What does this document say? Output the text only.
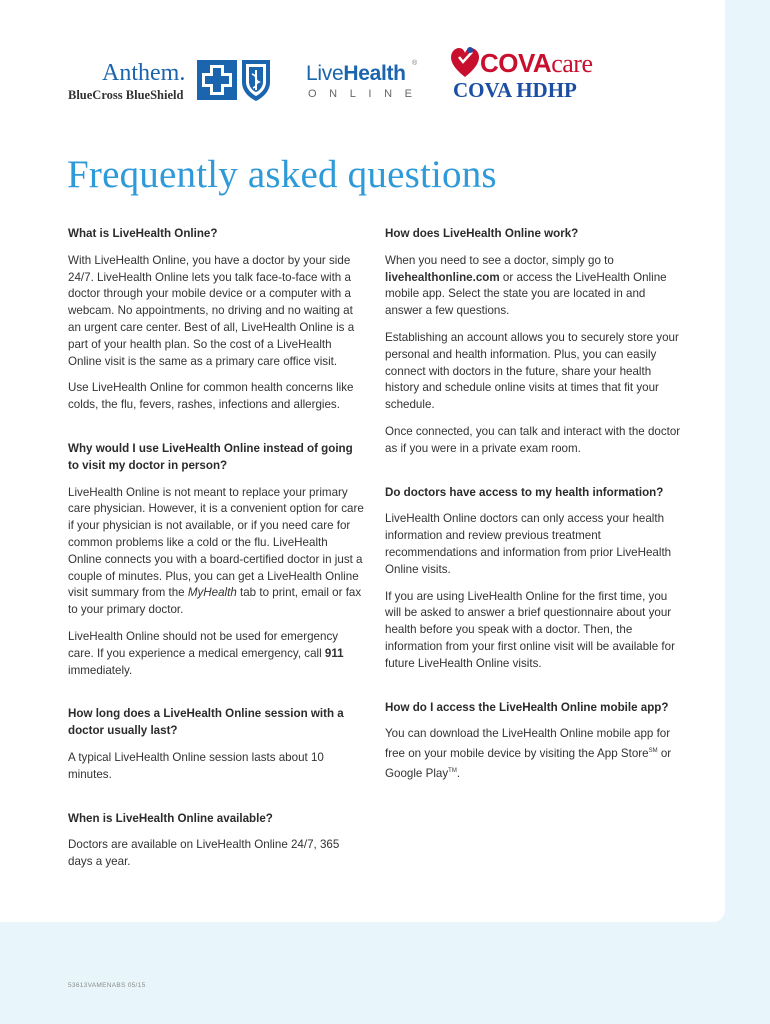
Anthem.
BlueCross BlueShield
LiveHealth ®
ONLINE
COVAcare
COVA HDHP
Frequently asked questions

What is LiveHealth Online?

With LiveHealth Online, you have a doctor by your side 24/7. LiveHealth Online lets you talk face-to-face with a doctor through your mobile device or a computer with a webcam. No appointments, no driving and no waiting at an urgent care center. Best of all, LiveHealth Online is a part of your health plan. So the cost of a LiveHealth Online visit is the same as a primary care office visit.

Use LiveHealth Online for common health concerns like colds, the flu, fevers, rashes, infections and allergies.

Why would I use LiveHealth Online instead of going to visit my doctor in person?

LiveHealth Online is not meant to replace your primary care physician. However, it is a convenient option for care if your physician is not available, or if you need care for common problems like a cold or the flu. LiveHealth Online connects you with a board-certified doctor in just a couple of minutes. Plus, you can get a LiveHealth Online visit summary from the MyHealth tab to print, email or fax to your primary doctor.

LiveHealth Online should not be used for emergency care. If you experience a medical emergency, call 911 immediately.

How long does a LiveHealth Online session with a doctor usually last?

A typical LiveHealth Online session lasts about 10 minutes.

When is LiveHealth Online available?

Doctors are available on LiveHealth Online 24/7, 365 days a year.

How does LiveHealth Online work?

When you need to see a doctor, simply go to livehealthonline.com or access the LiveHealth Online mobile app. Select the state you are located in and answer a few questions.

Establishing an account allows you to securely store your personal and health information. Plus, you can easily connect with doctors in the future, share your health history and schedule online visits at times that fit your schedule.

Once connected, you can talk and interact with the doctor as if you were in a private exam room.

Do doctors have access to my health information?

LiveHealth Online doctors can only access your health information and review previous treatment recommendations and information from prior LiveHealth Online visits.

If you are using LiveHealth Online for the first time, you will be asked to answer a brief questionnaire about your health before you speak with a doctor. Then, the information from your first online visit will be available for future LiveHealth Online visits.

How do I access the LiveHealth Online mobile app?

You can download the LiveHealth Online mobile app for free on your mobile device by visiting the App Store℠ or Google Play™.

53613VAMENABS 05/15
